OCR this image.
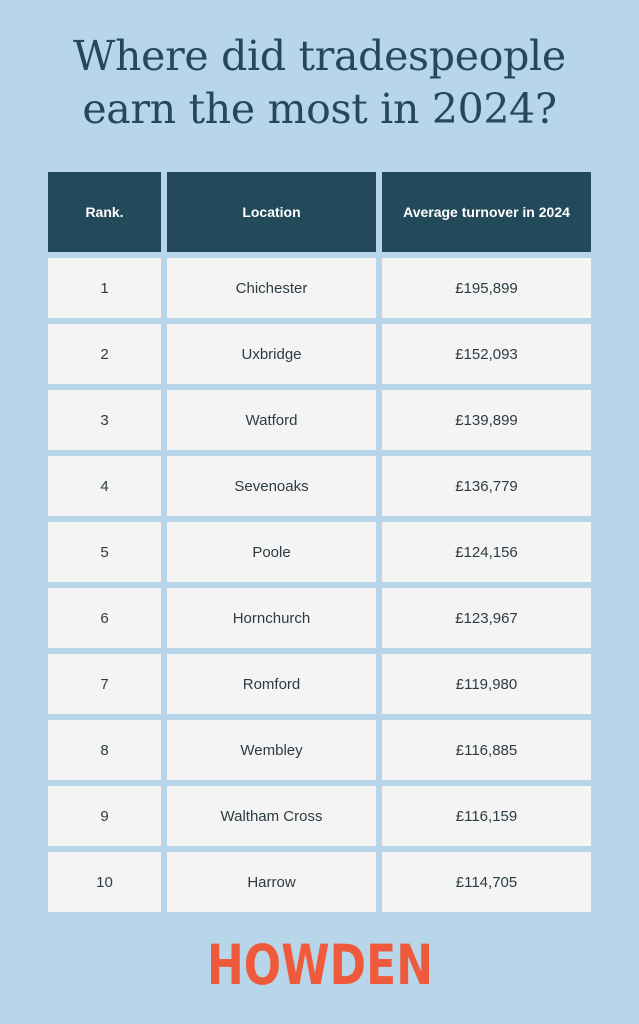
Where did tradespeople
earn the most in 2024?
Rank.	Location	Average turnover in 2024
1	Chichester	£195,899
2	Uxbridge	£152,093
3	Watford	£139,899
4	Sevenoaks	£136,779
5	Poole	£124,156
6	Hornchurch	£123,967
7	Romford	£119,980
8	Wembley	£116,885
9	Waltham Cross	£116,159
10	Harrow	£114,705
HOWDEN
